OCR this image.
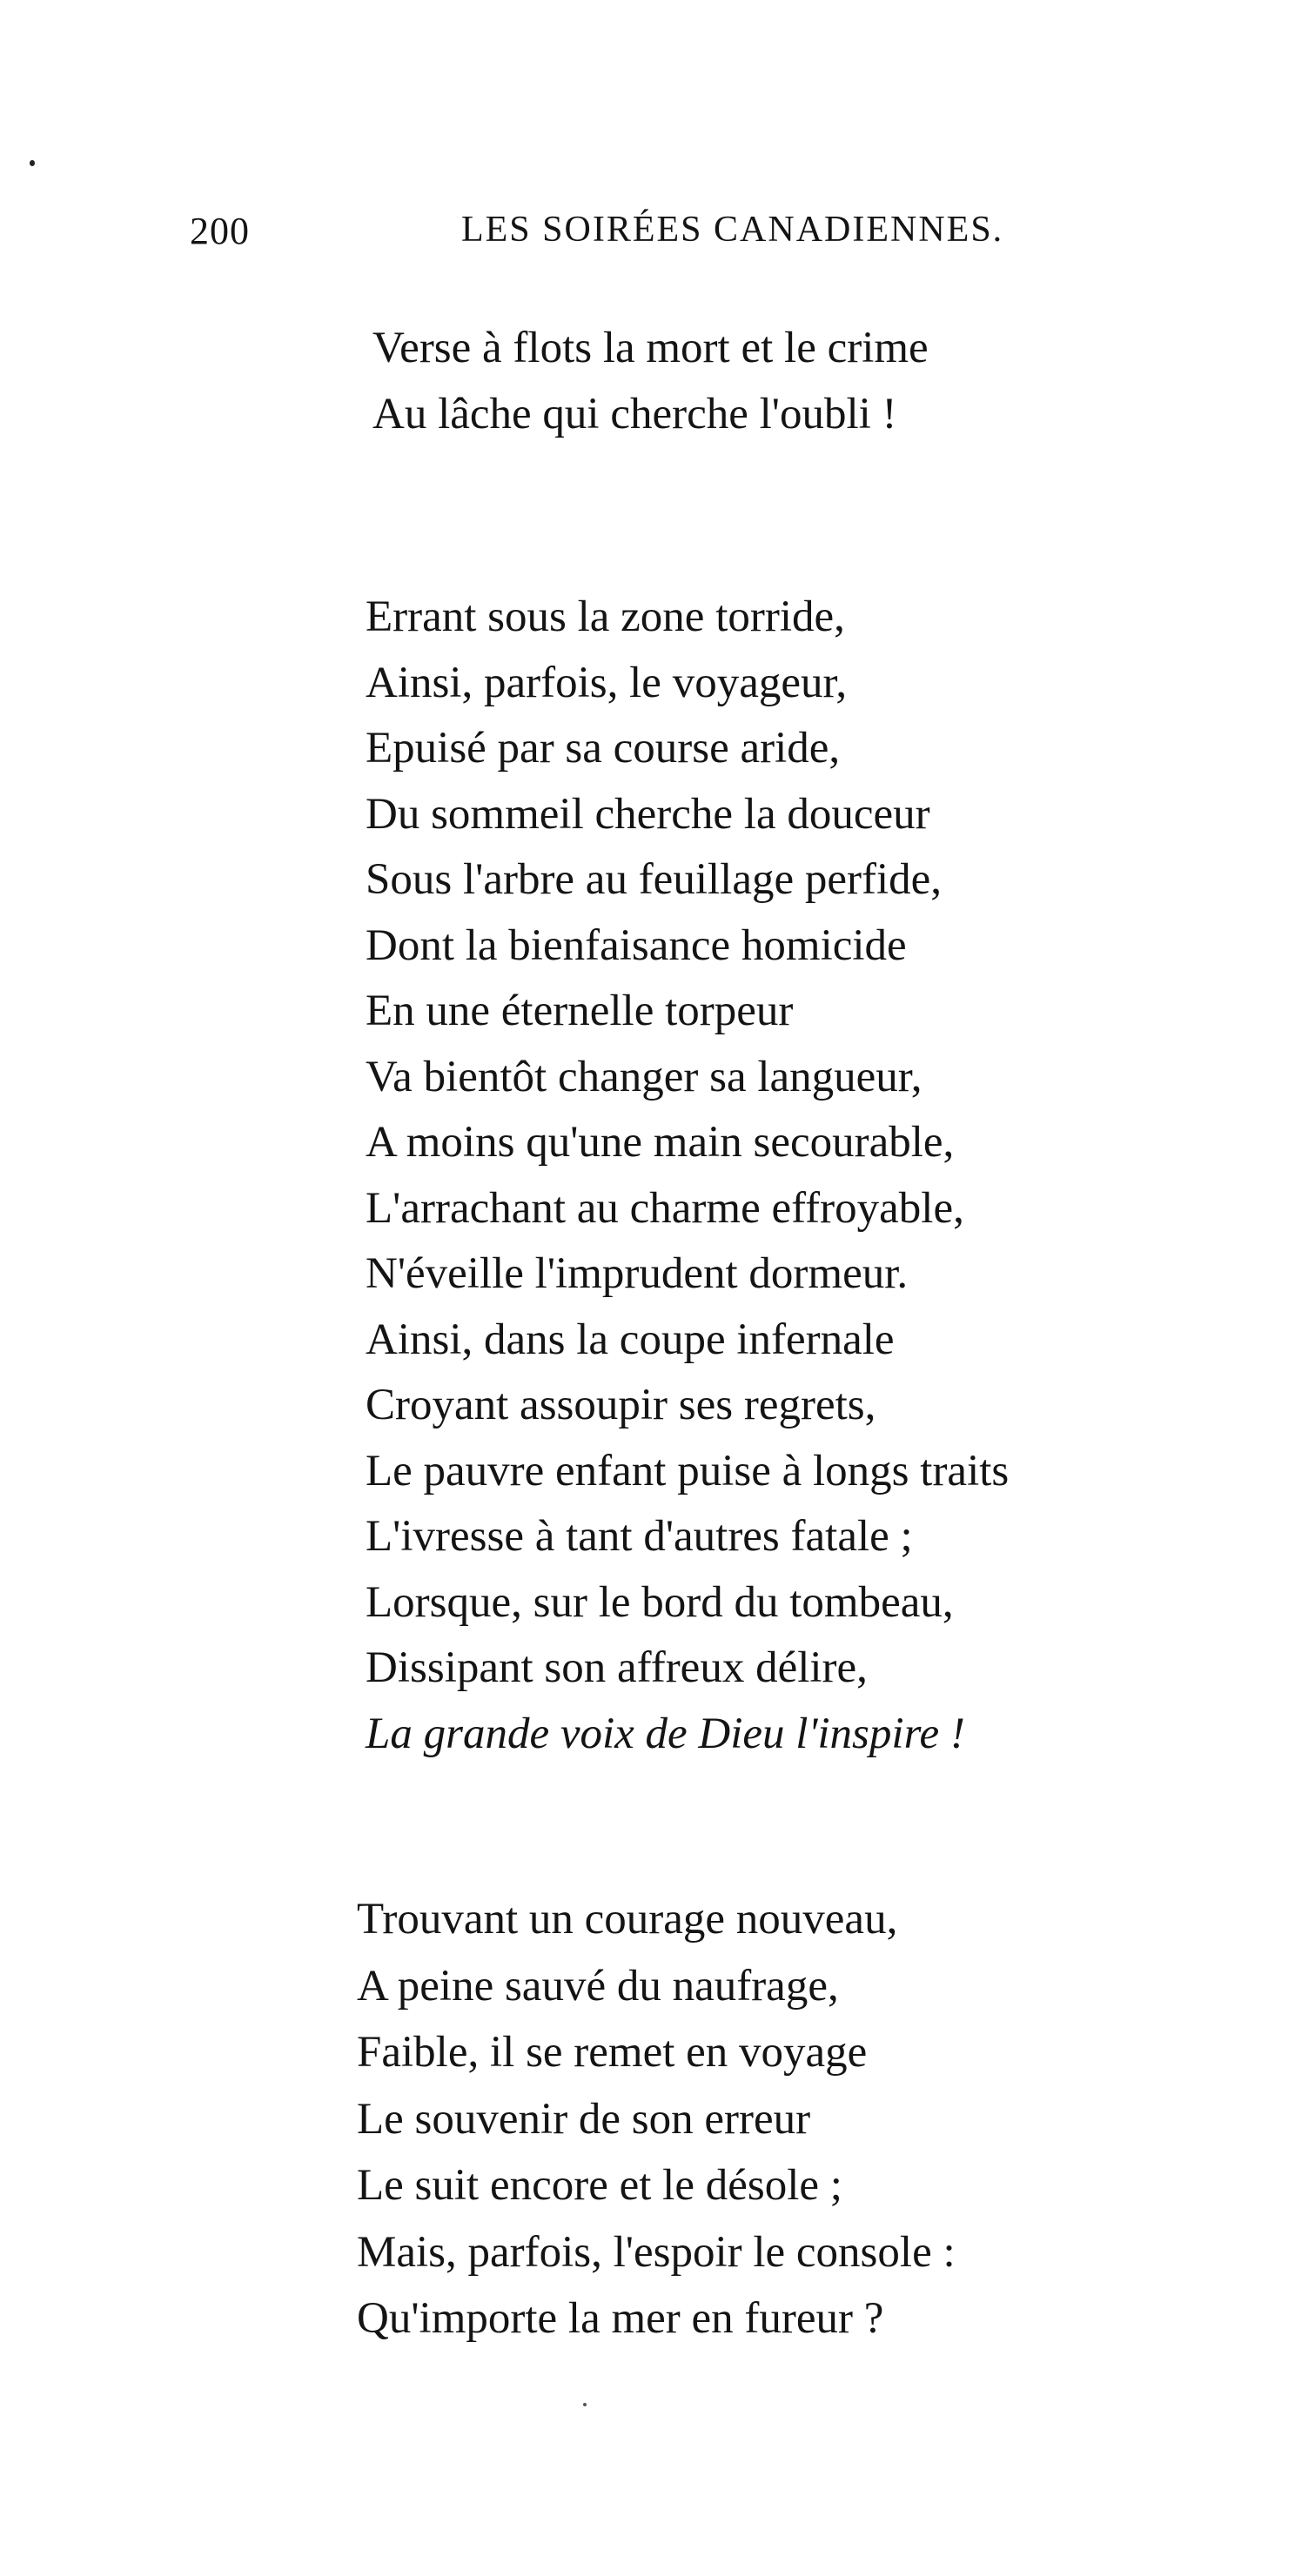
200	LES SOIRÉES CANADIENNES.
Verse à flots la mort et le crime
Au lâche qui cherche l'oubli !
Errant sous la zone torride,
Ainsi, parfois, le voyageur,
Epuisé par sa course aride,
Du sommeil cherche la douceur
Sous l'arbre au feuillage perfide,
Dont la bienfaisance homicide
En une éternelle torpeur
Va bientôt changer sa langueur,
A moins qu'une main secourable,
L'arrachant au charme effroyable,
N'éveille l'imprudent dormeur.
Ainsi, dans la coupe infernale
Croyant assoupir ses regrets,
Le pauvre enfant puise à longs traits
L'ivresse à tant d'autres fatale ;
Lorsque, sur le bord du tombeau,
Dissipant son affreux délire,
La grande voix de Dieu l'inspire !
Trouvant un courage nouveau,
A peine sauvé du naufrage,
Faible, il se remet en voyage
Le souvenir de son erreur
Le suit encore et le désole ;
Mais, parfois, l'espoir le console :
Qu'importe la mer en fureur ?
